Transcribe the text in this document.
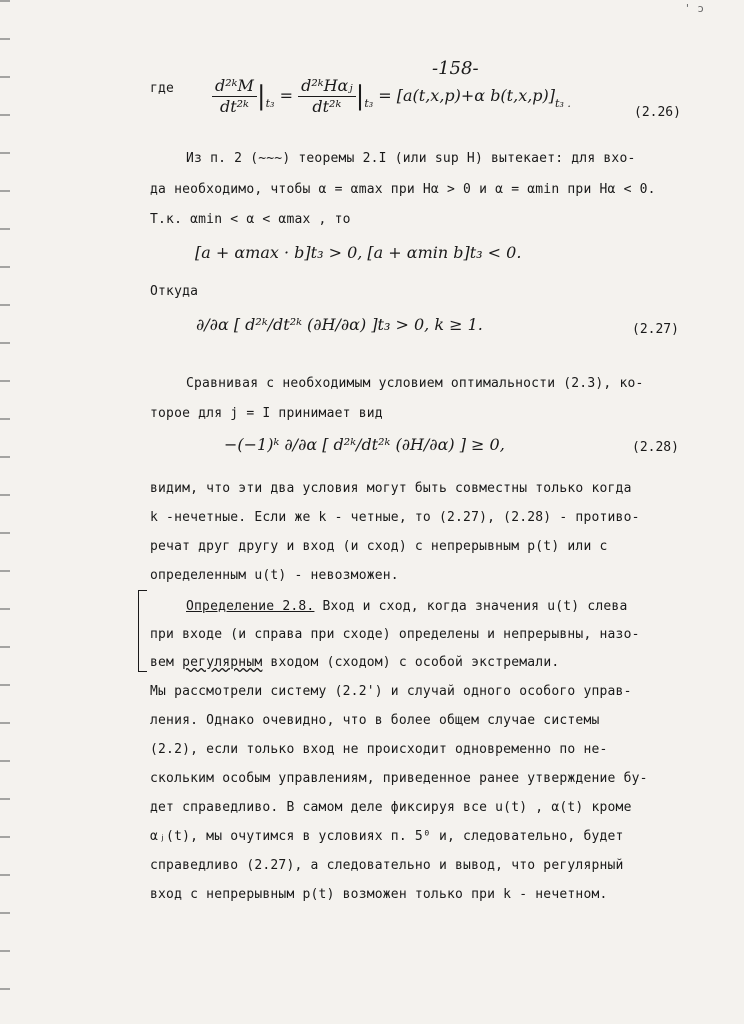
' ɔ
-158-
где $\frac{\text{d²ᵏM}}{\text{dt²ᵏ}} |_{t_3} = \frac{\text{d²ᵏHαⱼ}}{\text{dt²ᵏ}} |_{t_3} = [a(t,x,p)+\alpha$ $b(t,x,p)]_{t_3 .}$
(2.26)
Из п. 2 (~~~) теоремы 2.I (или sup H) вытекает: для вхо-
да необходимо, чтобы α = αmax при Hα > 0 и α = αmin при Hα < 0.
Т.к. αmin < α < αmax , то
[a + αmax · b]t₃ > 0, [a + αmin b]t₃ < 0.
Откуда
∂/∂α [ d²ᵏ/dt²ᵏ (∂H/∂α) ]t₃ > 0, k ≥ 1.	(2.27)
Сравнивая с необходимым условием оптимальности (2.3), ко-
торое для j = I принимает вид
−(−1)ᵏ ∂/∂α [ d²ᵏ/dt²ᵏ (∂H/∂α) ] ≥ 0,	(2.28)
видим, что эти два условия могут быть совместны только когда
k -нечетные. Если же k - четные, то (2.27), (2.28) - противо-
речат друг другу и вход (и сход) с непрерывным p(t) или с
определенным u(t) - невозможен.
Определение 2.8. Вход и сход, когда значения u(t) слева
при входе (и справа при сходе) определены и непрерывны, назо-
вем регулярным входом (сходом) с особой экстремали.
Мы рассмотрели систему (2.2') и случай одного особого управ-
ления. Однако очевидно, что в более общем случае системы
(2.2), если только вход не происходит одновременно по не-
скольким особым управлениям, приведенное ранее утверждение бу-
дет справедливо. В самом деле фиксируя все u(t) , α(t) кроме
αⱼ(t), мы очутимся в условиях п. 5⁰ и, следовательно, будет
справедливо (2.27), а следовательно и вывод, что регулярный
вход с непрерывным p(t) возможен только при k - нечетном.
